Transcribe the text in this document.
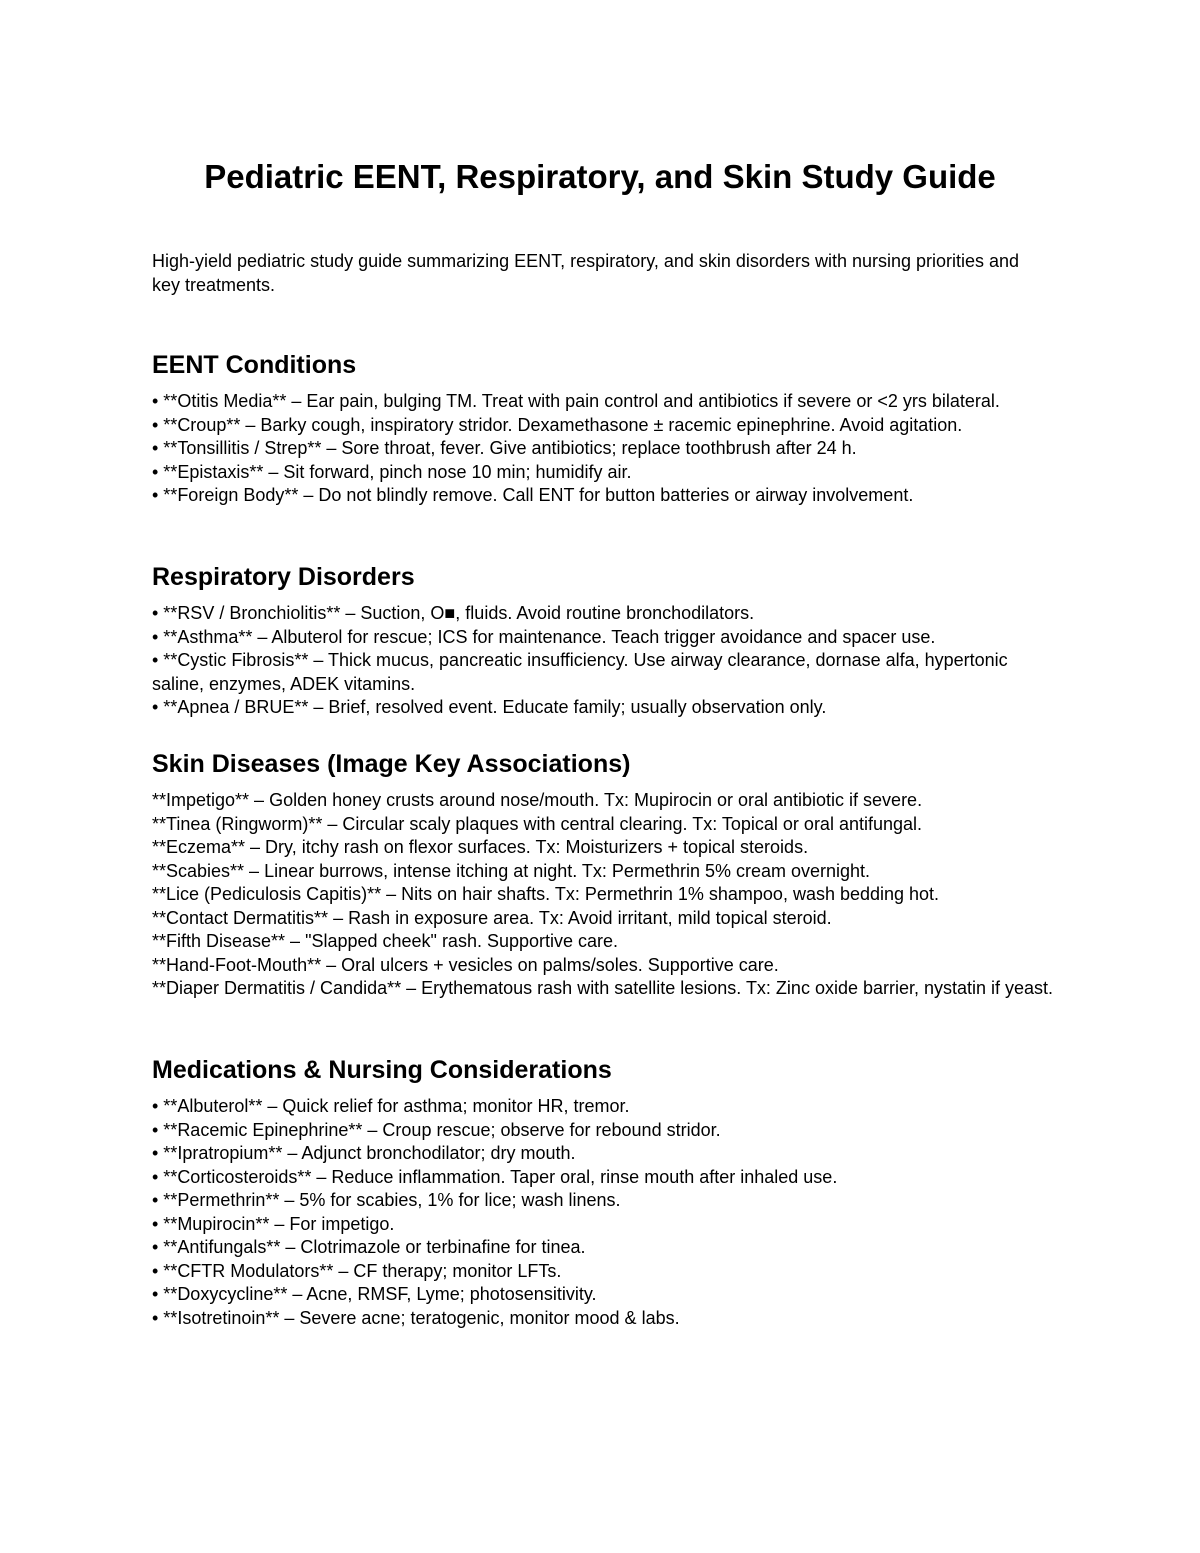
Pediatric EENT, Respiratory, and Skin Study Guide

High-yield pediatric study guide summarizing EENT, respiratory, and skin disorders with nursing priorities and key treatments.

EENT Conditions

• **Otitis Media** – Ear pain, bulging TM. Treat with pain control and antibiotics if severe or <2 yrs bilateral.

• **Croup** – Barky cough, inspiratory stridor. Dexamethasone ± racemic epinephrine. Avoid agitation.

• **Tonsillitis / Strep** – Sore throat, fever. Give antibiotics; replace toothbrush after 24 h.

• **Epistaxis** – Sit forward, pinch nose 10 min; humidify air.

• **Foreign Body** – Do not blindly remove. Call ENT for button batteries or airway involvement.

Respiratory Disorders

• **RSV / Bronchiolitis** – Suction, O■, fluids. Avoid routine bronchodilators.

• **Asthma** – Albuterol for rescue; ICS for maintenance. Teach trigger avoidance and spacer use.

• **Cystic Fibrosis** – Thick mucus, pancreatic insufficiency. Use airway clearance, dornase alfa, hypertonic saline, enzymes, ADEK vitamins.

• **Apnea / BRUE** – Brief, resolved event. Educate family; usually observation only.

Skin Diseases (Image Key Associations)

**Impetigo** – Golden honey crusts around nose/mouth. Tx: Mupirocin or oral antibiotic if severe.

**Tinea (Ringworm)** – Circular scaly plaques with central clearing. Tx: Topical or oral antifungal.

**Eczema** – Dry, itchy rash on flexor surfaces. Tx: Moisturizers + topical steroids.

**Scabies** – Linear burrows, intense itching at night. Tx: Permethrin 5% cream overnight.

**Lice (Pediculosis Capitis)** – Nits on hair shafts. Tx: Permethrin 1% shampoo, wash bedding hot.

**Contact Dermatitis** – Rash in exposure area. Tx: Avoid irritant, mild topical steroid.

**Fifth Disease** – "Slapped cheek" rash. Supportive care.

**Hand-Foot-Mouth** – Oral ulcers + vesicles on palms/soles. Supportive care.

**Diaper Dermatitis / Candida** – Erythematous rash with satellite lesions. Tx: Zinc oxide barrier, nystatin if yeast.

Medications & Nursing Considerations

• **Albuterol** – Quick relief for asthma; monitor HR, tremor.

• **Racemic Epinephrine** – Croup rescue; observe for rebound stridor.

• **Ipratropium** – Adjunct bronchodilator; dry mouth.

• **Corticosteroids** – Reduce inflammation. Taper oral, rinse mouth after inhaled use.

• **Permethrin** – 5% for scabies, 1% for lice; wash linens.

• **Mupirocin** – For impetigo.

• **Antifungals** – Clotrimazole or terbinafine for tinea.

• **CFTR Modulators** – CF therapy; monitor LFTs.

• **Doxycycline** – Acne, RMSF, Lyme; photosensitivity.

• **Isotretinoin** – Severe acne; teratogenic, monitor mood & labs.
